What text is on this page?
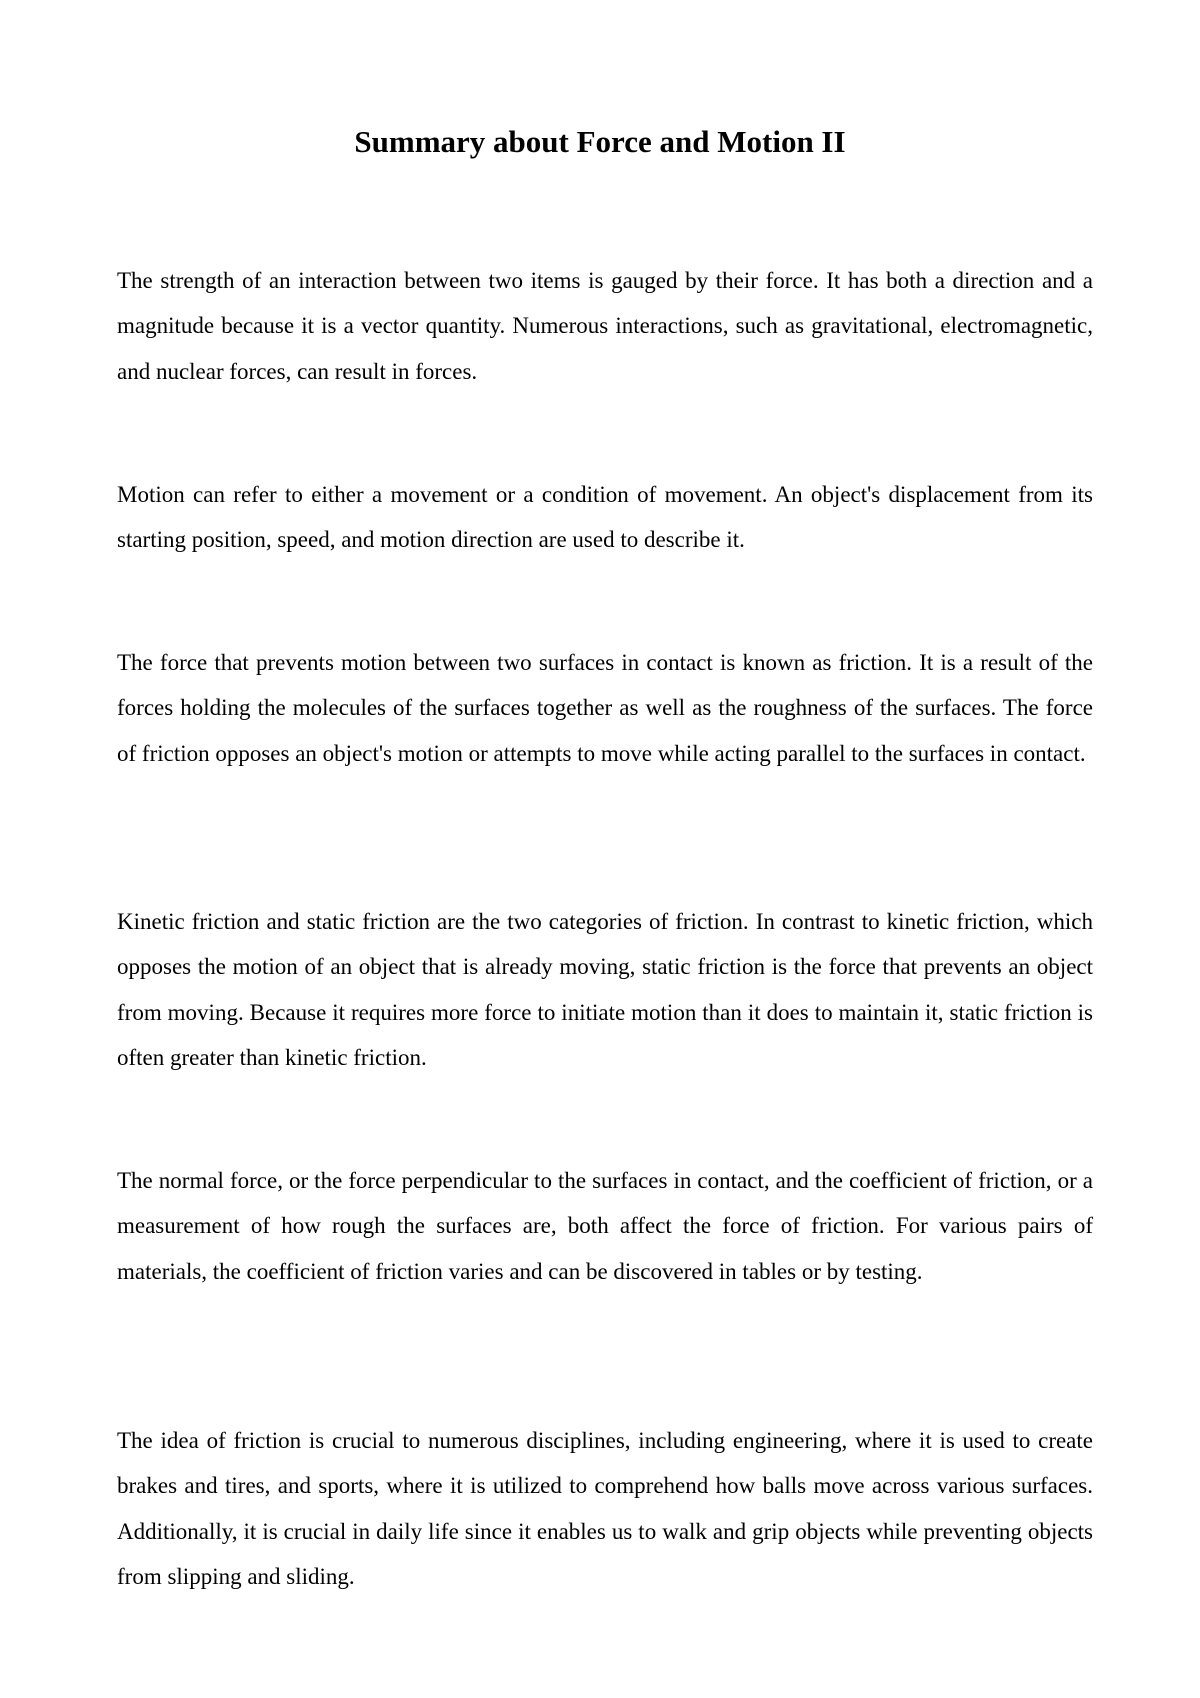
Summary about Force and Motion II

The strength of an interaction between two items is gauged by their force. It has both a direction and a magnitude because it is a vector quantity. Numerous interactions, such as gravitational, electromagnetic, and nuclear forces, can result in forces.

Motion can refer to either a movement or a condition of movement. An object's displacement from its starting position, speed, and motion direction are used to describe it.

The force that prevents motion between two surfaces in contact is known as friction. It is a result of the forces holding the molecules of the surfaces together as well as the roughness of the surfaces. The force of friction opposes an object's motion or attempts to move while acting parallel to the surfaces in contact.

Kinetic friction and static friction are the two categories of friction. In contrast to kinetic friction, which opposes the motion of an object that is already moving, static friction is the force that prevents an object from moving. Because it requires more force to initiate motion than it does to maintain it, static friction is often greater than kinetic friction.

The normal force, or the force perpendicular to the surfaces in contact, and the coefficient of friction, or a measurement of how rough the surfaces are, both affect the force of friction. For various pairs of materials, the coefficient of friction varies and can be discovered in tables or by testing.

The idea of friction is crucial to numerous disciplines, including engineering, where it is used to create brakes and tires, and sports, where it is utilized to comprehend how balls move across various surfaces. Additionally, it is crucial in daily life since it enables us to walk and grip objects while preventing objects from slipping and sliding.
